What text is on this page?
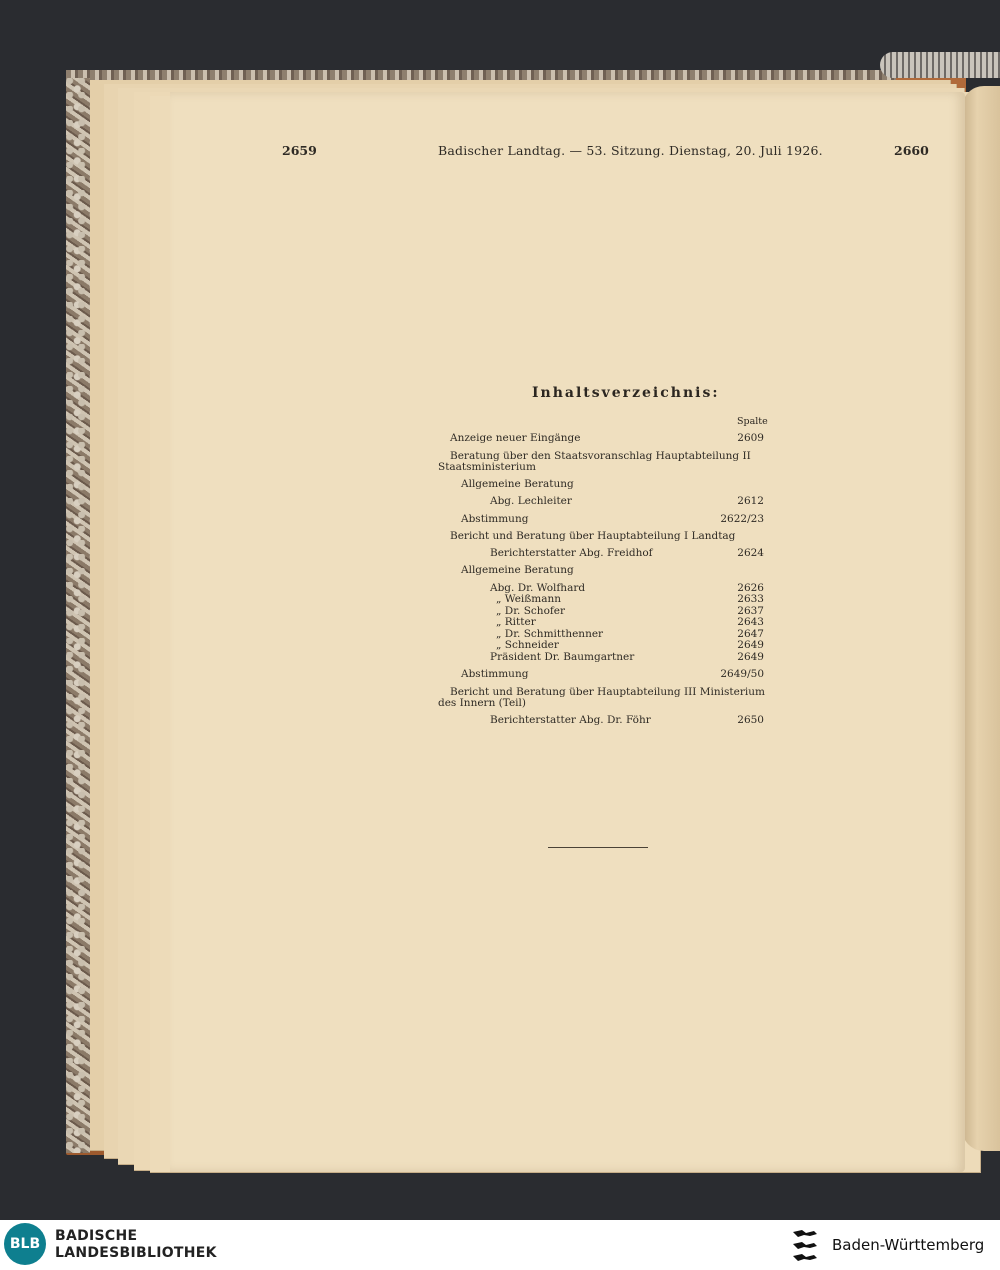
2659	Badischer Landtag. — 53. Sitzung. Dienstag, 20. Juli 1926.	2660
Inhaltsverzeichnis:
Spalte
Anzeige neuer Eingänge	2609
Beratung über den Staatsvoranschlag Hauptabteilung II
Staatsministerium
Allgemeine Beratung
Abg. Lechleiter	2612
Abstimmung	2622/23
Bericht und Beratung über Hauptabteilung I Landtag
Berichterstatter Abg. Freidhof	2624
Allgemeine Beratung
Abg. Dr. Wolfhard	2626
„ Weißmann	2633
„ Dr. Schofer	2637
„ Ritter	2643
„ Dr. Schmitthenner	2647
„ Schneider	2649
Präsident Dr. Baumgartner	2649
Abstimmung	2649/50
Bericht und Beratung über Hauptabteilung III Ministerium
des Innern (Teil)
Berichterstatter Abg. Dr. Föhr	2650
BLB	BADISCHE
LANDESBIBLIOTHEK	Baden-Württemberg
